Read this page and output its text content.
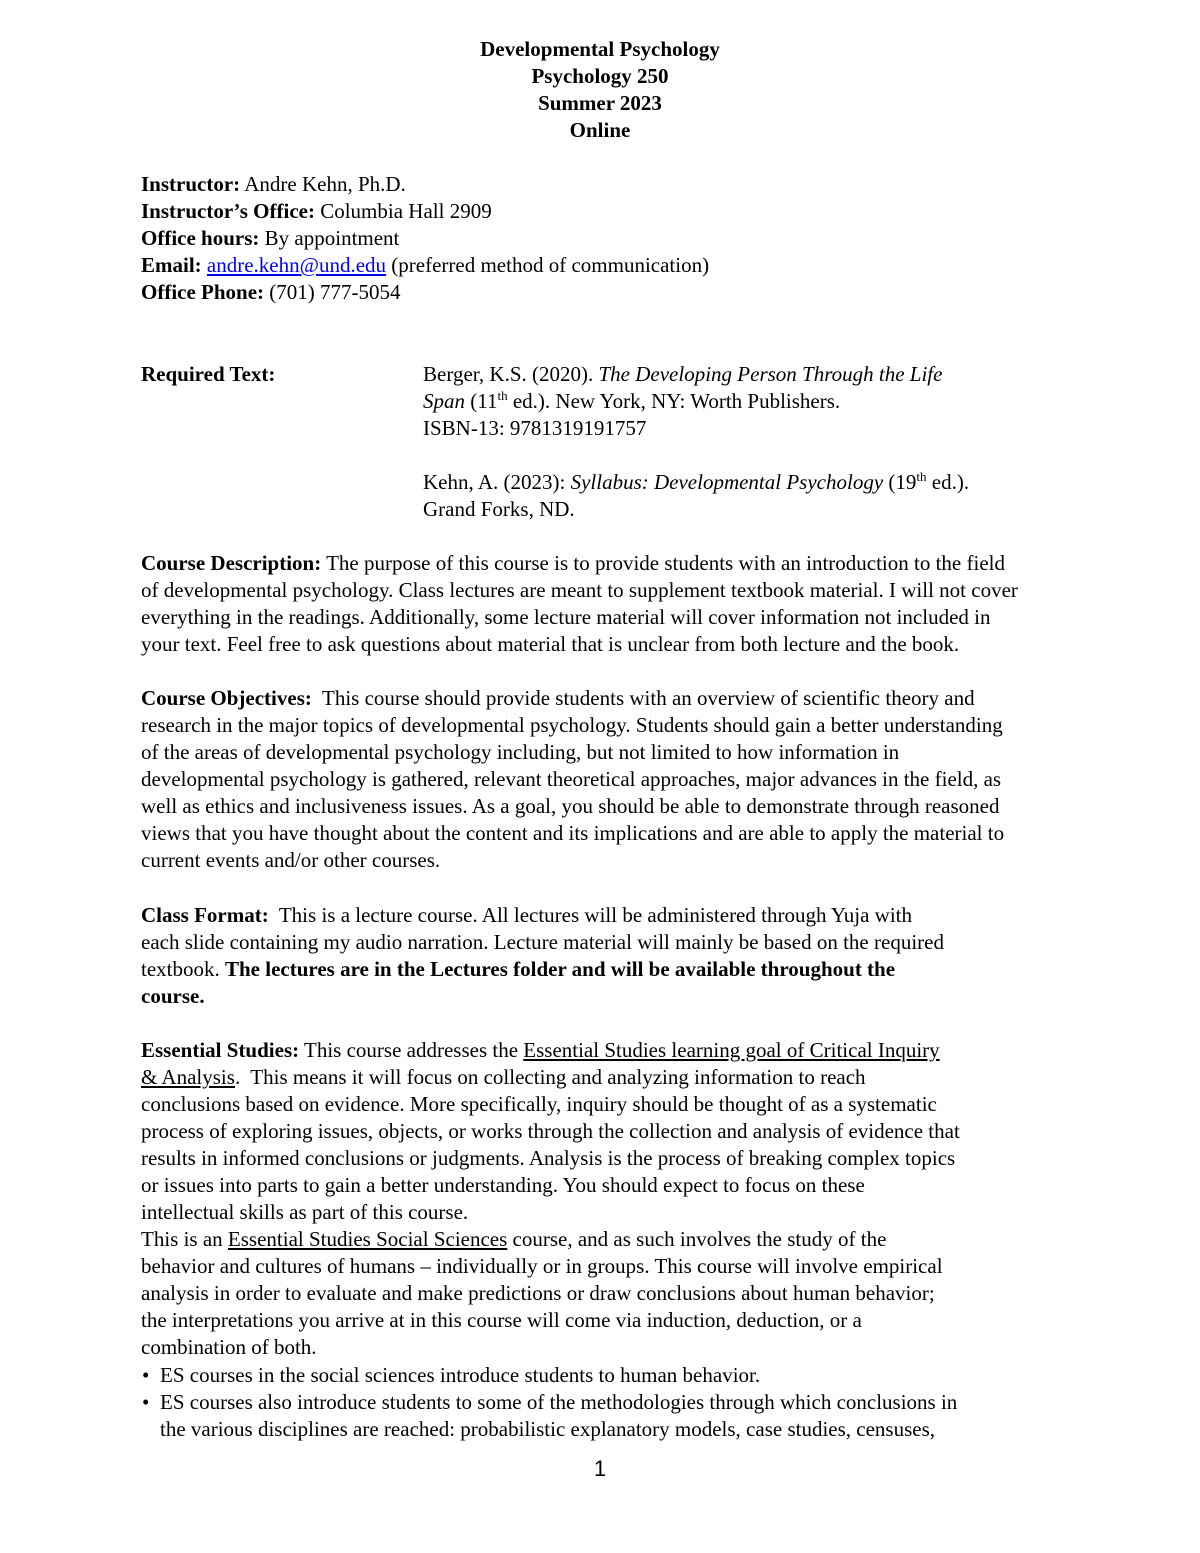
Developmental Psychology
Psychology 250
Summer 2023
Online
Instructor: Andre Kehn, Ph.D.
Instructor’s Office: Columbia Hall 2909
Office hours: By appointment
Email: andre.kehn@und.edu (preferred method of communication)
Office Phone: (701) 777-5054
Required Text:	Berger, K.S. (2020). The Developing Person Through the Life
Span (11th ed.). New York, NY: Worth Publishers.
ISBN-13: 9781319191757
Kehn, A. (2023): Syllabus: Developmental Psychology (19th ed.).
Grand Forks, ND.
Course Description: The purpose of this course is to provide students with an introduction to the field
of developmental psychology. Class lectures are meant to supplement textbook material. I will not cover
everything in the readings. Additionally, some lecture material will cover information not included in
your text. Feel free to ask questions about material that is unclear from both lecture and the book.
Course Objectives:  This course should provide students with an overview of scientific theory and
research in the major topics of developmental psychology. Students should gain a better understanding
of the areas of developmental psychology including, but not limited to how information in
developmental psychology is gathered, relevant theoretical approaches, major advances in the field, as
well as ethics and inclusiveness issues. As a goal, you should be able to demonstrate through reasoned
views that you have thought about the content and its implications and are able to apply the material to
current events and/or other courses.
Class Format:  This is a lecture course. All lectures will be administered through Yuja with
each slide containing my audio narration. Lecture material will mainly be based on the required
textbook. The lectures are in the Lectures folder and will be available throughout the
course.
Essential Studies: This course addresses the Essential Studies learning goal of Critical Inquiry
& Analysis.  This means it will focus on collecting and analyzing information to reach
conclusions based on evidence. More specifically, inquiry should be thought of as a systematic
process of exploring issues, objects, or works through the collection and analysis of evidence that
results in informed conclusions or judgments. Analysis is the process of breaking complex topics
or issues into parts to gain a better understanding. You should expect to focus on these
intellectual skills as part of this course.
This is an Essential Studies Social Sciences course, and as such involves the study of the
behavior and cultures of humans – individually or in groups. This course will involve empirical
analysis in order to evaluate and make predictions or draw conclusions about human behavior;
the interpretations you arrive at in this course will come via induction, deduction, or a
combination of both.
• ES courses in the social sciences introduce students to human behavior.
• ES courses also introduce students to some of the methodologies through which conclusions in
the various disciplines are reached: probabilistic explanatory models, case studies, censuses,
1
